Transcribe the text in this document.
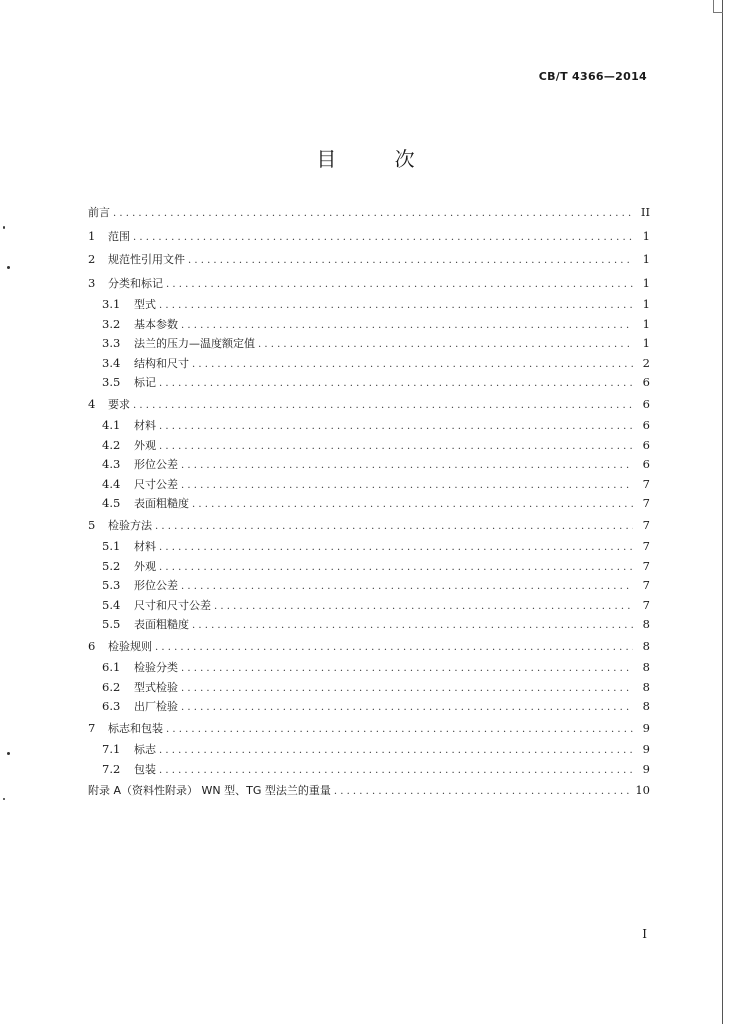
CB/T 4366—2014
目 次
前言 . . .	II
1	范围 . . .	1
2	规范性引用文件 . . .	1
3	分类和标记 . . .	1
3.1	型式 . . .	1
3.2	基本参数 . . .	1
3.3	法兰的压力—温度额定值 . . .	1
3.4	结构和尺寸 . . .	2
3.5	标记 . . .	6
4	要求 . . .	6
4.1	材料 . . .	6
4.2	外观 . . .	6
4.3	形位公差 . . .	6
4.4	尺寸公差 . . .	7
4.5	表面粗糙度 . . .	7
5	检验方法 . . .	7
5.1	材料 . . .	7
5.2	外观 . . .	7
5.3	形位公差 . . .	7
5.4	尺寸和尺寸公差 . . .	7
5.5	表面粗糙度 . . .	8
6	检验规则 . . .	8
6.1	检验分类 . . .	8
6.2	型式检验 . . .	8
6.3	出厂检验 . . .	8
7	标志和包装 . . .	9
7.1	标志 . . .	9
7.2	包装 . . .	9
附录 A（资料性附录） WN 型、TG 型法兰的重量 . . .	10
I
